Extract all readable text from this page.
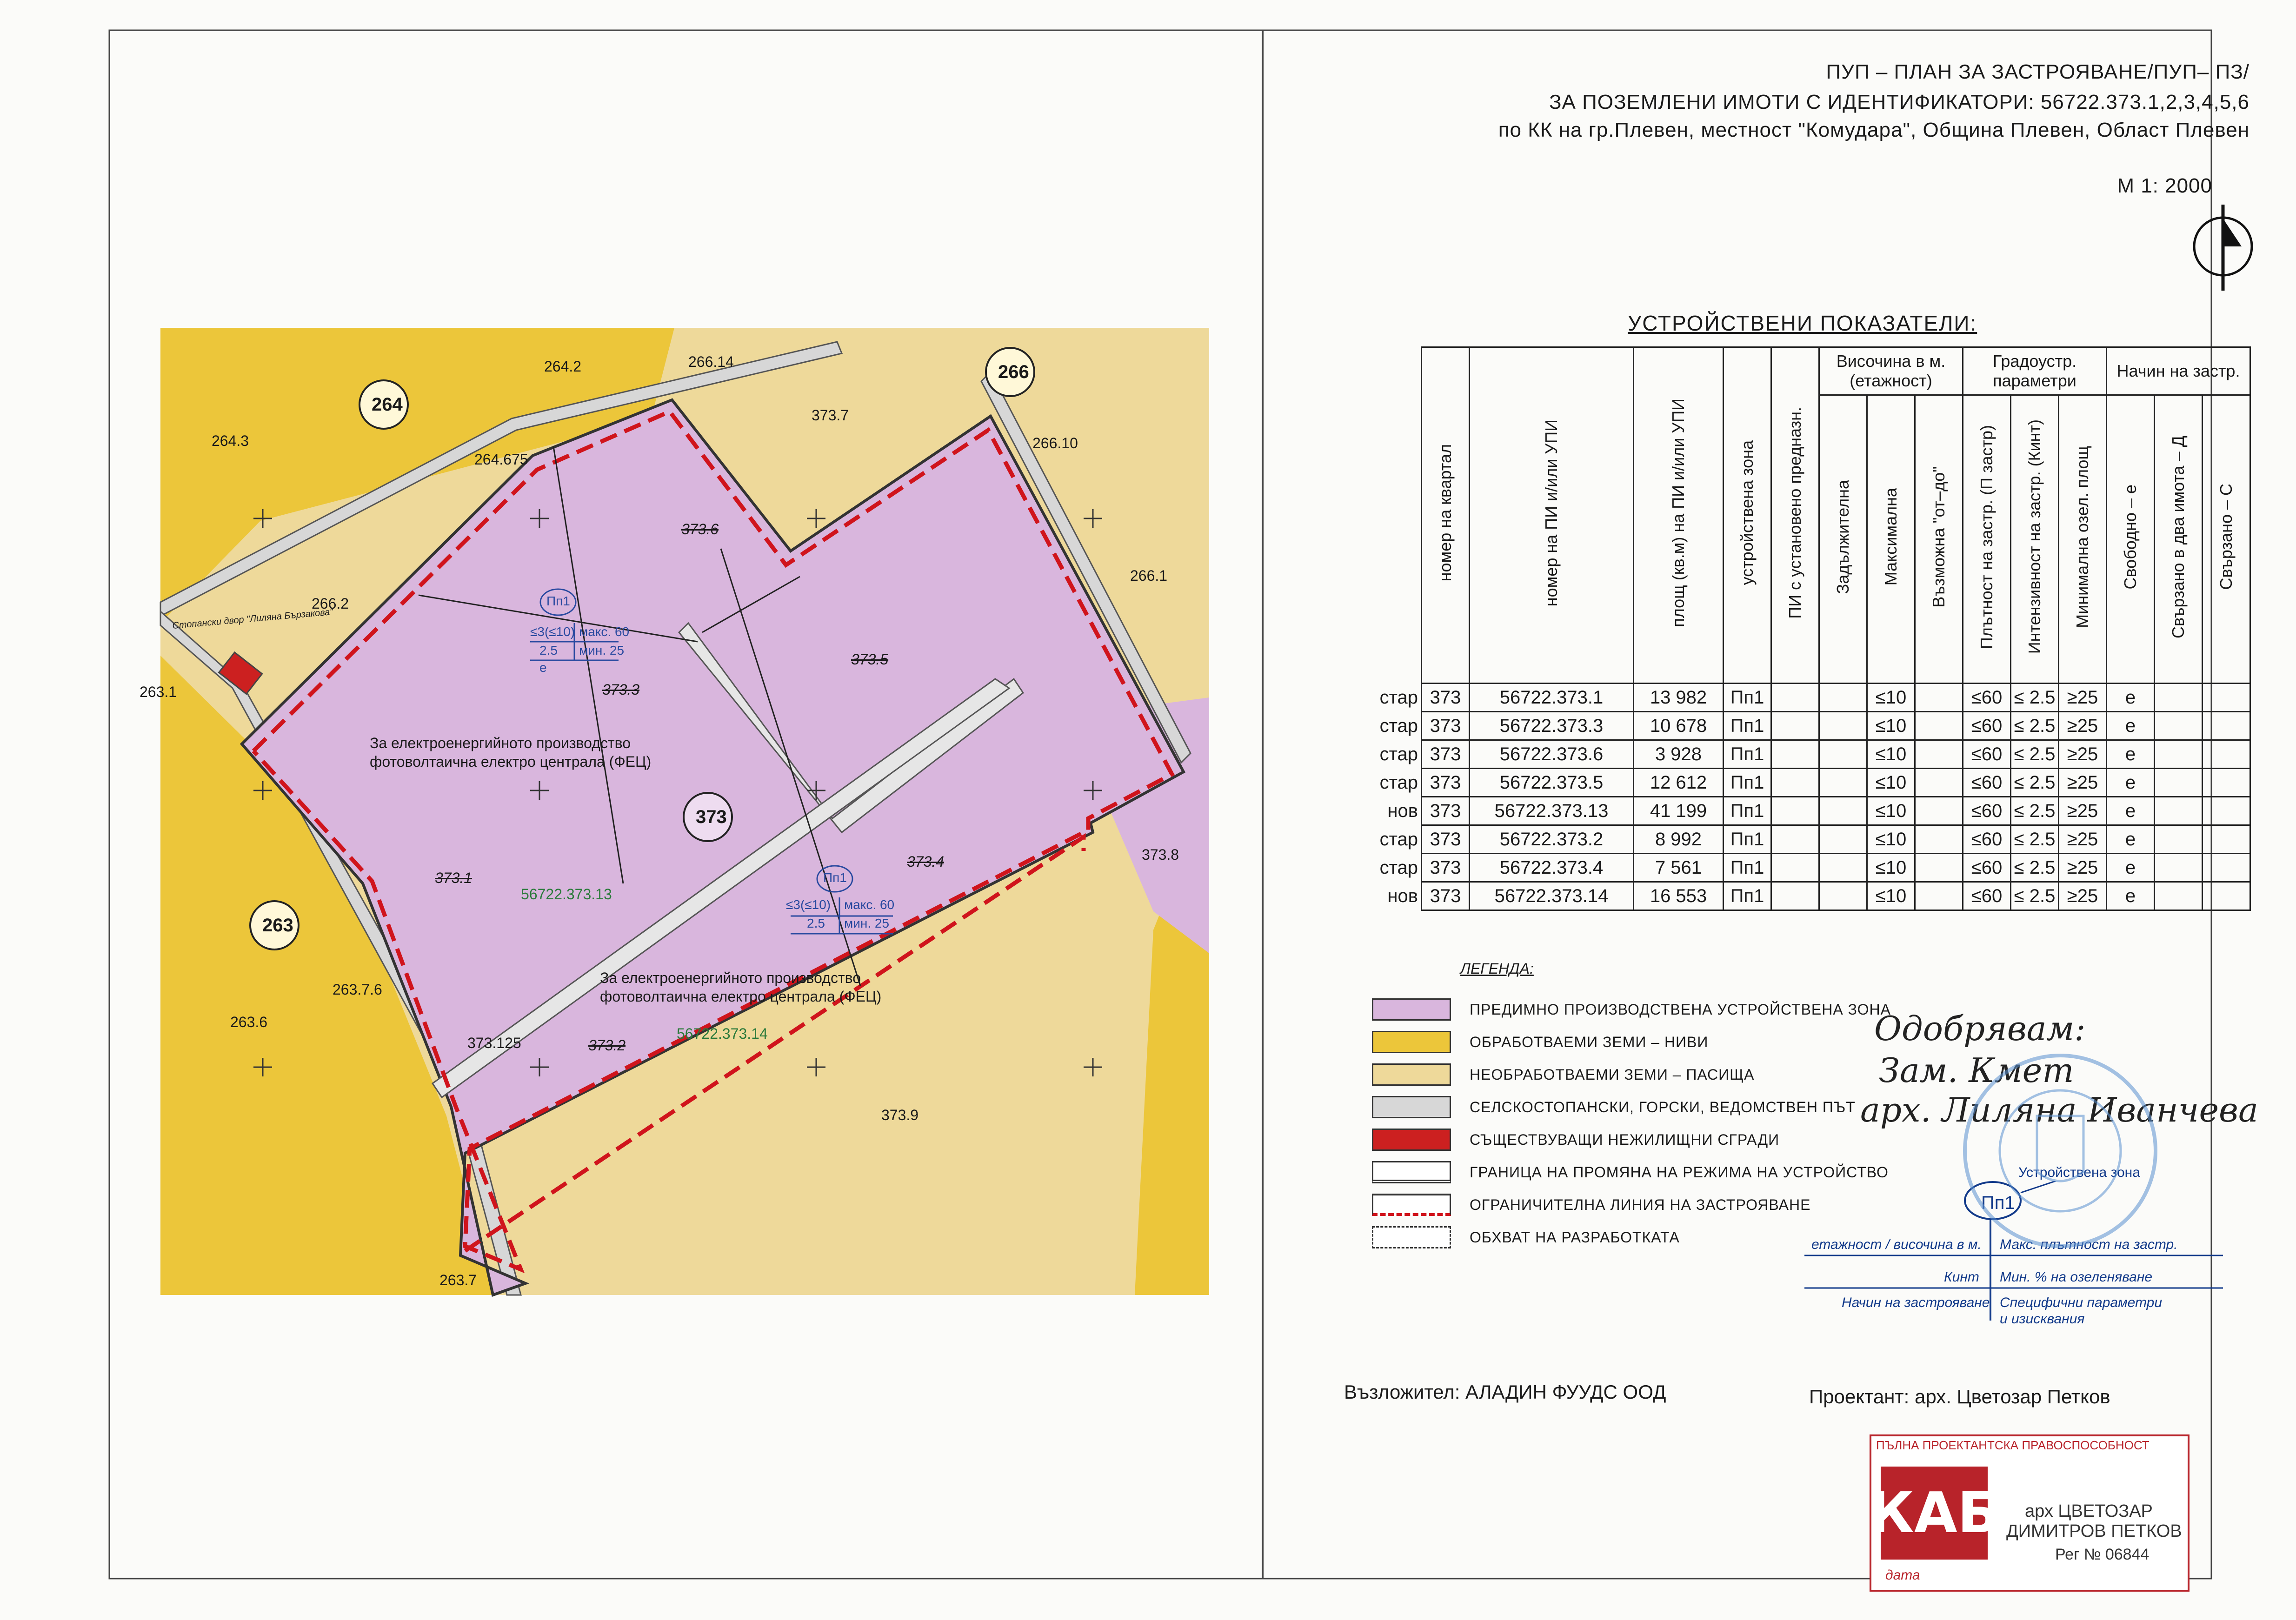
264
266
263
373
264.2	266.14
373.7
266.10
264.3
264.675
266.2
266.1
263.1
373.8
263.6
263.7.6
373.125
373.9
263.7
373.6
373.3
373.5
373.1
373.4
373.2
56722.373.13
56722.373.14
Стопански двор "Лиляна Бързакова"
За електроенергийното производство
фотоволтаична електро централа (ФЕЦ)
За електроенергийното производство
фотоволтаична електро централа (ФЕЦ)
Пп1
≤3(≤10) макс. 60
2.5 мин. 25
е
Пп1
≤3(≤10) макс. 60
2.5 мин. 25
ПУП – ПЛАН ЗА ЗАСТРОЯВАНЕ/ПУП– ПЗ/
ЗА ПОЗЕМЛЕНИ ИМОТИ С ИДЕНТИФИКАТОРИ: 56722.373.1,2,3,4,5,6
по КК на гр.Плевен, местност "Комудара", Община Плевен, Област Плевен
М 1: 2000
УСТРОЙСТВЕНИ ПОКАЗАТЕЛИ:
	номер на квартал	номер на ПИ и/или УПИ	площ (кв.м) на ПИ и/или УПИ	устройствена зона	ПИ с установено предназн.	Височина в м. (етажност)			Градоустр. параметри			Начин на застр.		
						Задължителна	Максимална	Възможна "от–до"	Плътност на застр. (П застр)	Интензивност на застр. (Кинт)	Минимална озел. площ	Свободно – е	Свързано в два имота – Д	Свързано – С
стар	373	56722.373.1	13 982	Пп1			≤10		≤60	≤ 2.5	≥25	е		
стар	373	56722.373.3	10 678	Пп1			≤10		≤60	≤ 2.5	≥25	е		
стар	373	56722.373.6	3 928	Пп1			≤10		≤60	≤ 2.5	≥25	е		
стар	373	56722.373.5	12 612	Пп1			≤10		≤60	≤ 2.5	≥25	е		
нов	373	56722.373.13	41 199	Пп1			≤10		≤60	≤ 2.5	≥25	е		
стар	373	56722.373.2	8 992	Пп1			≤10		≤60	≤ 2.5	≥25	е		
стар	373	56722.373.4	7 561	Пп1			≤10		≤60	≤ 2.5	≥25	е		
нов	373	56722.373.14	16 553	Пп1			≤10		≤60	≤ 2.5	≥25	е		
ЛЕГЕНДА:
ПРЕДИМНО ПРОИЗВОДСТВЕНА УСТРОЙСТВЕНА ЗОНА
ОБРАБОТВАЕМИ ЗЕМИ – НИВИ
НЕОБРАБОТВАЕМИ ЗЕМИ – ПАСИЩА
СЕЛСКОСТОПАНСКИ, ГОРСКИ, ВЕДОМСТВЕН ПЪТ
СЪЩЕСТВУВАЩИ НЕЖИЛИЩНИ СГРАДИ
ГРАНИЦА НА ПРОМЯНА НА РЕЖИМА НА УСТРОЙСТВО
ОГРАНИЧИТЕЛНА ЛИНИЯ НА ЗАСТРОЯВАНЕ
ОБХВАТ НА РАЗРАБОТКАТА
Пп1
Устройствена зона
етажност / височина в м. Макс. плътност на застр.
Кинт Мин. % на озеленяване
Начин на застрояване Специфични параметри
и изисквания
Одобрявам:
Зам. Кмет
арх. Лиляна Иванчева
Възложител: АЛАДИН ФУУДС ООД	Проектант: арх. Цветозар Петков
ПЪЛНА ПРОЕКТАНТСКА ПРАВОСПОСОБНОСТ
КАБ арх ЦВЕТОЗАР
ДИМИТРОВ ПЕТКОВ
Рег № 06844
дата
